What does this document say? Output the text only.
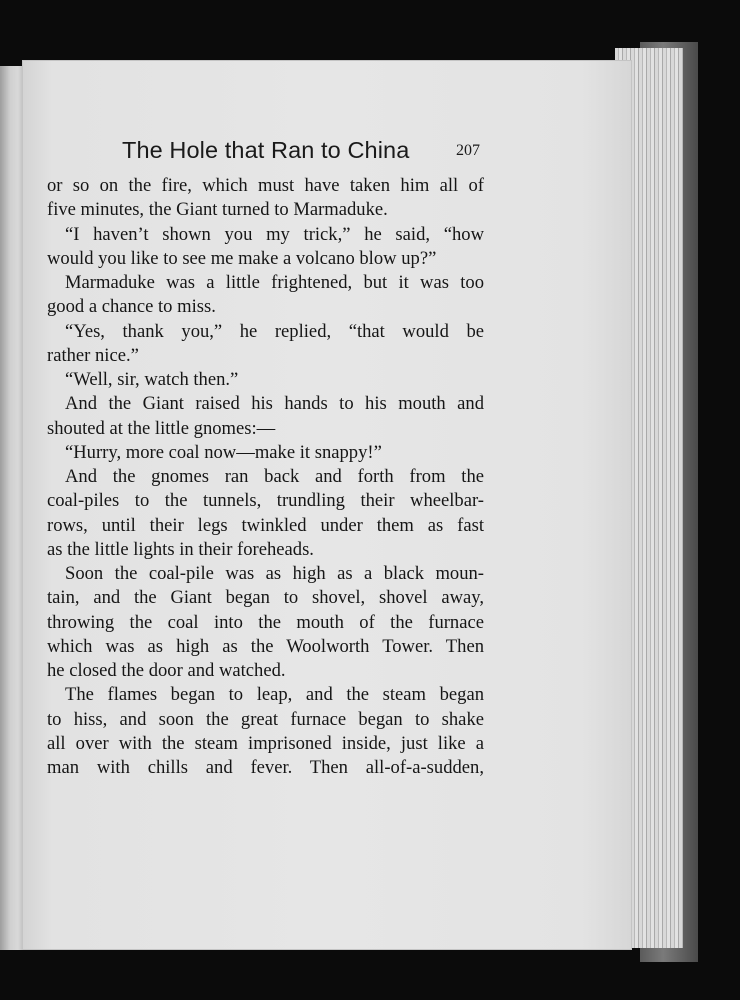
The Hole that Ran to China	207
or so on the fire, which must have taken him all of
five minutes, the Giant turned to Marmaduke.
“I haven’t shown you my trick,” he said, “how
would you like to see me make a volcano blow up?”
Marmaduke was a little frightened, but it was too
good a chance to miss.
“Yes, thank you,” he replied, “that would be
rather nice.”
“Well, sir, watch then.”
And the Giant raised his hands to his mouth and
shouted at the little gnomes:—
“Hurry, more coal now—make it snappy!”
And the gnomes ran back and forth from the
coal-piles to the tunnels, trundling their wheelbar-
rows, until their legs twinkled under them as fast
as the little lights in their foreheads.
Soon the coal-pile was as high as a black moun-
tain, and the Giant began to shovel, shovel away,
throwing the coal into the mouth of the furnace
which was as high as the Woolworth Tower. Then
he closed the door and watched.
The flames began to leap, and the steam began
to hiss, and soon the great furnace began to shake
all over with the steam imprisoned inside, just like a
man with chills and fever. Then all-of-a-sudden,
